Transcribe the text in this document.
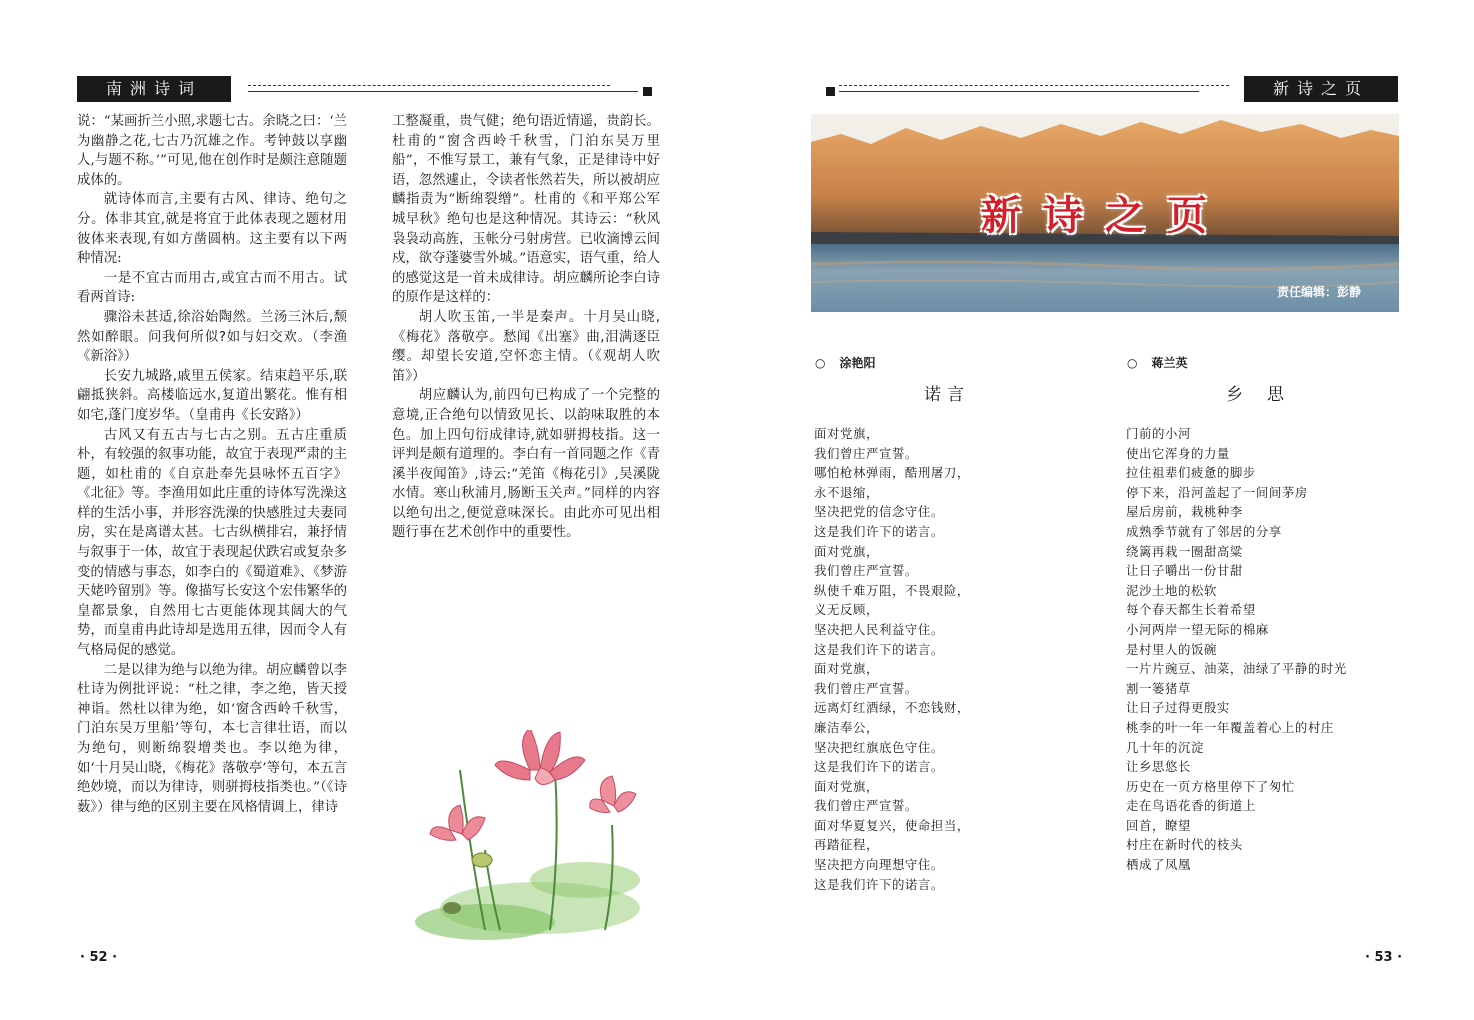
南洲诗词

说：“某画折兰小照,求题七古。余晓之曰：‘兰为幽静之花,七古乃沉雄之作。考钟鼓以享幽人,与题不称。’”可见,他在创作时是颇注意随题成体的。

就诗体而言,主要有古风、律诗、绝句之分。体非其宜,就是将宜于此体表现之题材用彼体来表现,有如方凿圆枘。这主要有以下两种情况:

一是不宜古而用古,或宜古而不用古。试看两首诗:

骤浴未甚适,徐浴始陶然。兰汤三沐后,颓然如醉眼。问我何所似?如与妇交欢。（李渔《新浴》）

长安九城路,戚里五侯家。结束趋平乐,联翩抵狭斜。高楼临远水,复道出繁花。惟有相如宅,蓬门度岁华。（皇甫冉《长安路》）

古风又有五古与七古之别。五古庄重质朴，有较强的叙事功能，故宜于表现严肃的主题，如杜甫的《自京赴奉先县咏怀五百字》《北征》等。李渔用如此庄重的诗体写洗澡这样的生活小事，并形容洗澡的快感胜过夫妻同房，实在是离谱太甚。七古纵横排宕，兼抒情与叙事于一体，故宜于表现起伏跌宕或复杂多变的情感与事态，如李白的《蜀道难》、《梦游天姥吟留别》等。像描写长安这个宏伟繁华的皇都景象，自然用七古更能体现其阔大的气势，而皇甫冉此诗却是选用五律，因而令人有气格局促的感觉。

二是以律为绝与以绝为律。胡应麟曾以李杜诗为例批评说：“杜之律，李之绝，皆天授神诣。然杜以律为绝，如‘窗含西岭千秋雪，门泊东吴万里船’等句，本七言律壮语，而以为绝句，则断绵裂增类也。李以绝为律，如‘十月吴山晓，《梅花》落敬亭’等句，本五言绝妙境，而以为律诗，则骈拇枝指类也。”（《诗薮》）律与绝的区别主要在风格情调上，律诗

工整凝重，贵气健；绝句语近情遥，贵韵长。杜甫的“窗含西岭千秋雪，门泊东吴万里船”，不惟写景工，兼有气象，正是律诗中好语，忽然遽止，令读者怅然若失，所以被胡应麟指责为“断绵裂缯”。杜甫的《和平郑公军城早秋》绝句也是这种情况。其诗云：“秋风袅袅动高旌，玉帐分弓射虏营。已收滴博云间戍，欲夺蓬婆雪外城。”语意实，语气重，给人的感觉这是一首未成律诗。胡应麟所论李白诗的原作是这样的：

胡人吹玉笛,一半是秦声。十月吴山晓,《梅花》落敬亭。愁闻《出塞》曲,泪满逐臣缨。却望长安道,空怀恋主情。（《观胡人吹笛》）

胡应麟认为,前四句已构成了一个完整的意境,正合绝句以情致见长、以韵味取胜的本色。加上四句衍成律诗,就如骈拇枝指。这一评判是颇有道理的。李白有一首同题之作《青溪半夜闻笛》,诗云:“羌笛《梅花引》,吴溪陇水情。寒山秋浦月,肠断玉关声。”同样的内容以绝句出之,便觉意味深长。由此亦可见出相题行事在艺术创作中的重要性。

· 52 ·
新诗之页
新诗之页
责任编辑：彭静
○ 涂艳阳
诺言
面对党旗，
我们曾庄严宣誓。
哪怕枪林弹雨，酷刑屠刀，
永不退缩，
坚决把党的信念守住。
这是我们许下的诺言。
面对党旗，
我们曾庄严宣誓。
纵使千难万阻，不畏艰险，
义无反顾，
坚决把人民利益守住。
这是我们许下的诺言。
面对党旗，
我们曾庄严宣誓。
远离灯红酒绿，不恋钱财，
廉洁奉公，
坚决把红旗底色守住。
这是我们许下的诺言。
面对党旗，
我们曾庄严宣誓。
面对华夏复兴，使命担当，
再踏征程，
坚决把方向理想守住。
这是我们许下的诺言。
○ 蒋兰英
乡思
门前的小河
使出它浑身的力量
拉住祖辈们疲惫的脚步
停下来，沿河盖起了一间间茅房
屋后房前，栽桃种李
成熟季节就有了邻居的分享
绕篱再栽一圈甜高粱
让日子嚼出一份甘甜
泥沙土地的松软
每个春天都生长着希望
小河两岸一望无际的棉麻
是村里人的饭碗
一片片豌豆、油菜，油绿了平静的时光
割一篓猪草
让日子过得更殷实
桃李的叶一年一年覆盖着心上的村庄
几十年的沉淀
让乡思悠长
历史在一页方格里停下了匆忙
走在鸟语花香的街道上
回首，瞭望
村庄在新时代的枝头
栖成了凤凰
· 53 ·
